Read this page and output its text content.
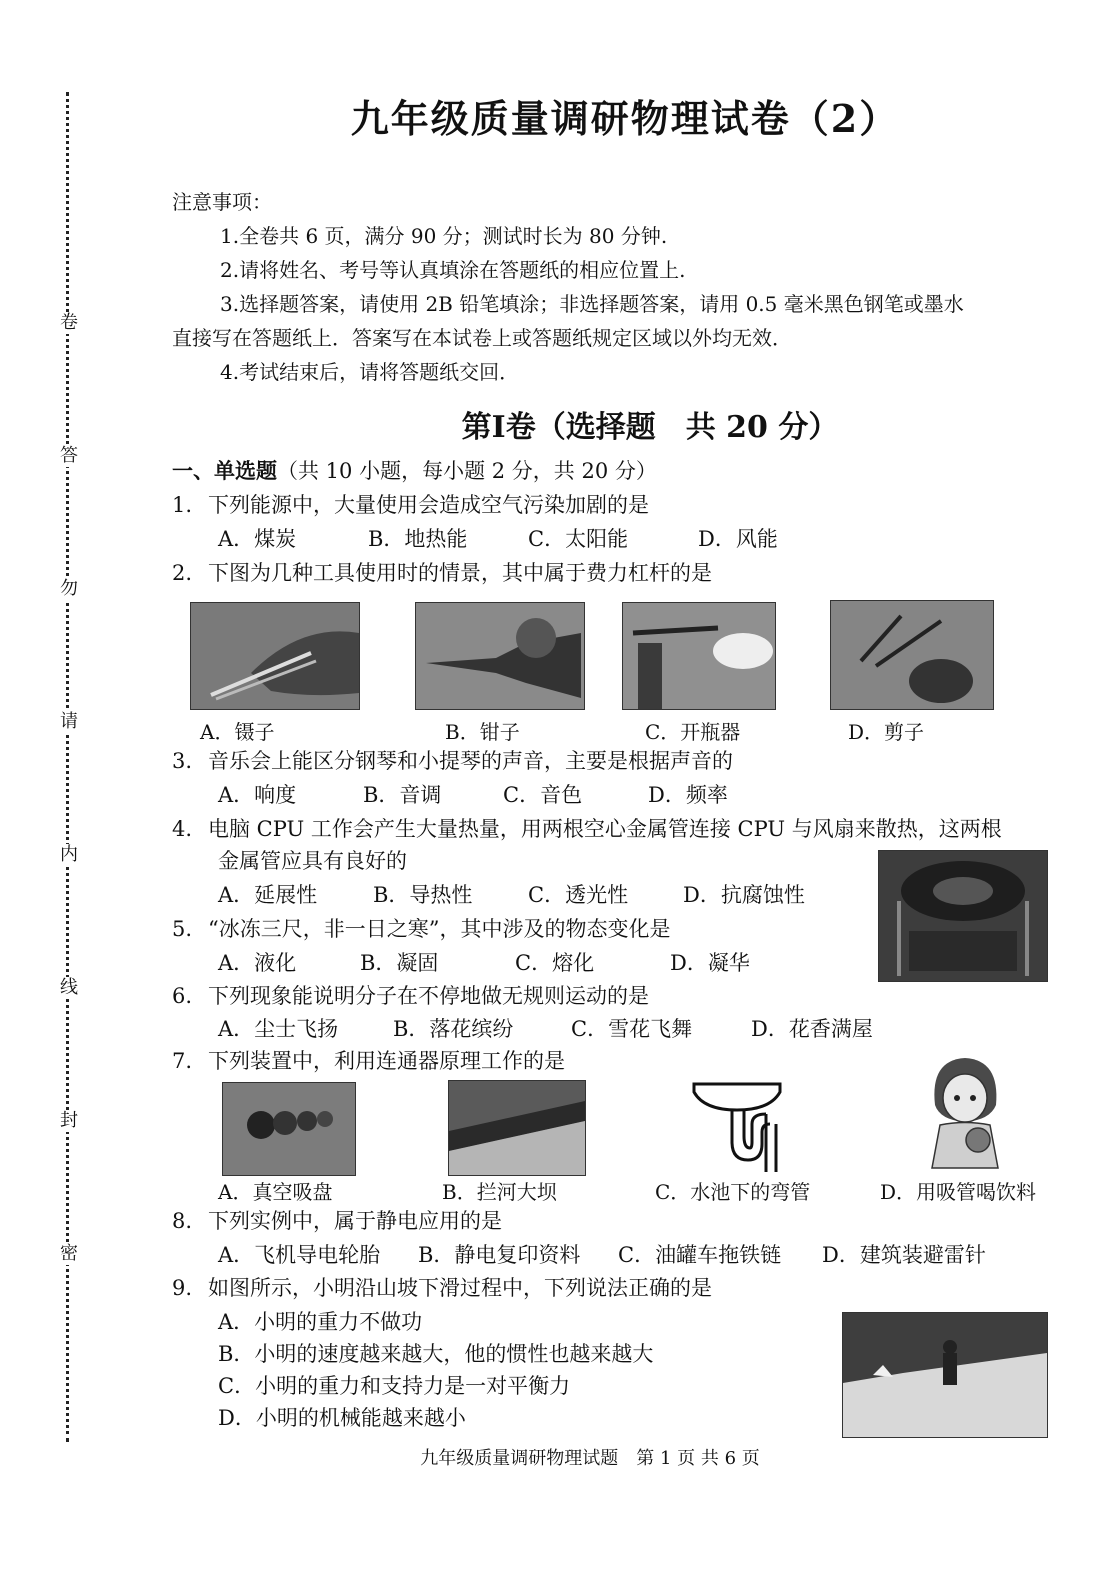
卷
答
勿
请
内
线
封
密
九年级质量调研物理试卷（2）
注意事项：
1.全卷共 6 页，满分 90 分；测试时长为 80 分钟.
2.请将姓名、考号等认真填涂在答题纸的相应位置上.
3.选择题答案，请使用 2B 铅笔填涂；非选择题答案，请用 0.5 毫米黑色钢笔或墨水
直接写在答题纸上．答案写在本试卷上或答题纸规定区域以外均无效．
4.考试结束后，请将答题纸交回．
第Ⅰ卷（选择题　共 20 分）
一、单选题（共 10 小题，每小题 2 分，共 20 分）
1. 下列能源中，大量使用会造成空气污染加剧的是
A．煤炭	B．地热能	C．太阳能	D．风能
2. 下图为几种工具使用时的情景，其中属于费力杠杆的是
A．镊子	B．钳子	C．开瓶器	D．剪子
3. 音乐会上能区分钢琴和小提琴的声音，主要是根据声音的
A．响度	B．音调	C．音色	D．频率
4. 电脑 CPU 工作会产生大量热量，用两根空心金属管连接 CPU 与风扇来散热，这两根
金属管应具有良好的
A．延展性	B．导热性	C．透光性	D．抗腐蚀性
5. “冰冻三尺，非一日之寒”，其中涉及的物态变化是
A．液化	B．凝固	C．熔化	D．凝华
6. 下列现象能说明分子在不停地做无规则运动的是
A．尘士飞扬	B．落花缤纷	C．雪花飞舞	D．花香满屋
7. 下列装置中，利用连通器原理工作的是
A．真空吸盘	B．拦河大坝	C．水池下的弯管	D．用吸管喝饮料
8. 下列实例中，属于静电应用的是
A．飞机导电轮胎 B．静电复印资料 C．油罐车拖铁链 D．建筑装避雷针
9. 如图所示，小明沿山坡下滑过程中，下列说法正确的是
A．小明的重力不做功
B．小明的速度越来越大，他的惯性也越来越大
C．小明的重力和支持力是一对平衡力
D．小明的机械能越来越小
九年级质量调研物理试题　第 1 页 共 6 页
